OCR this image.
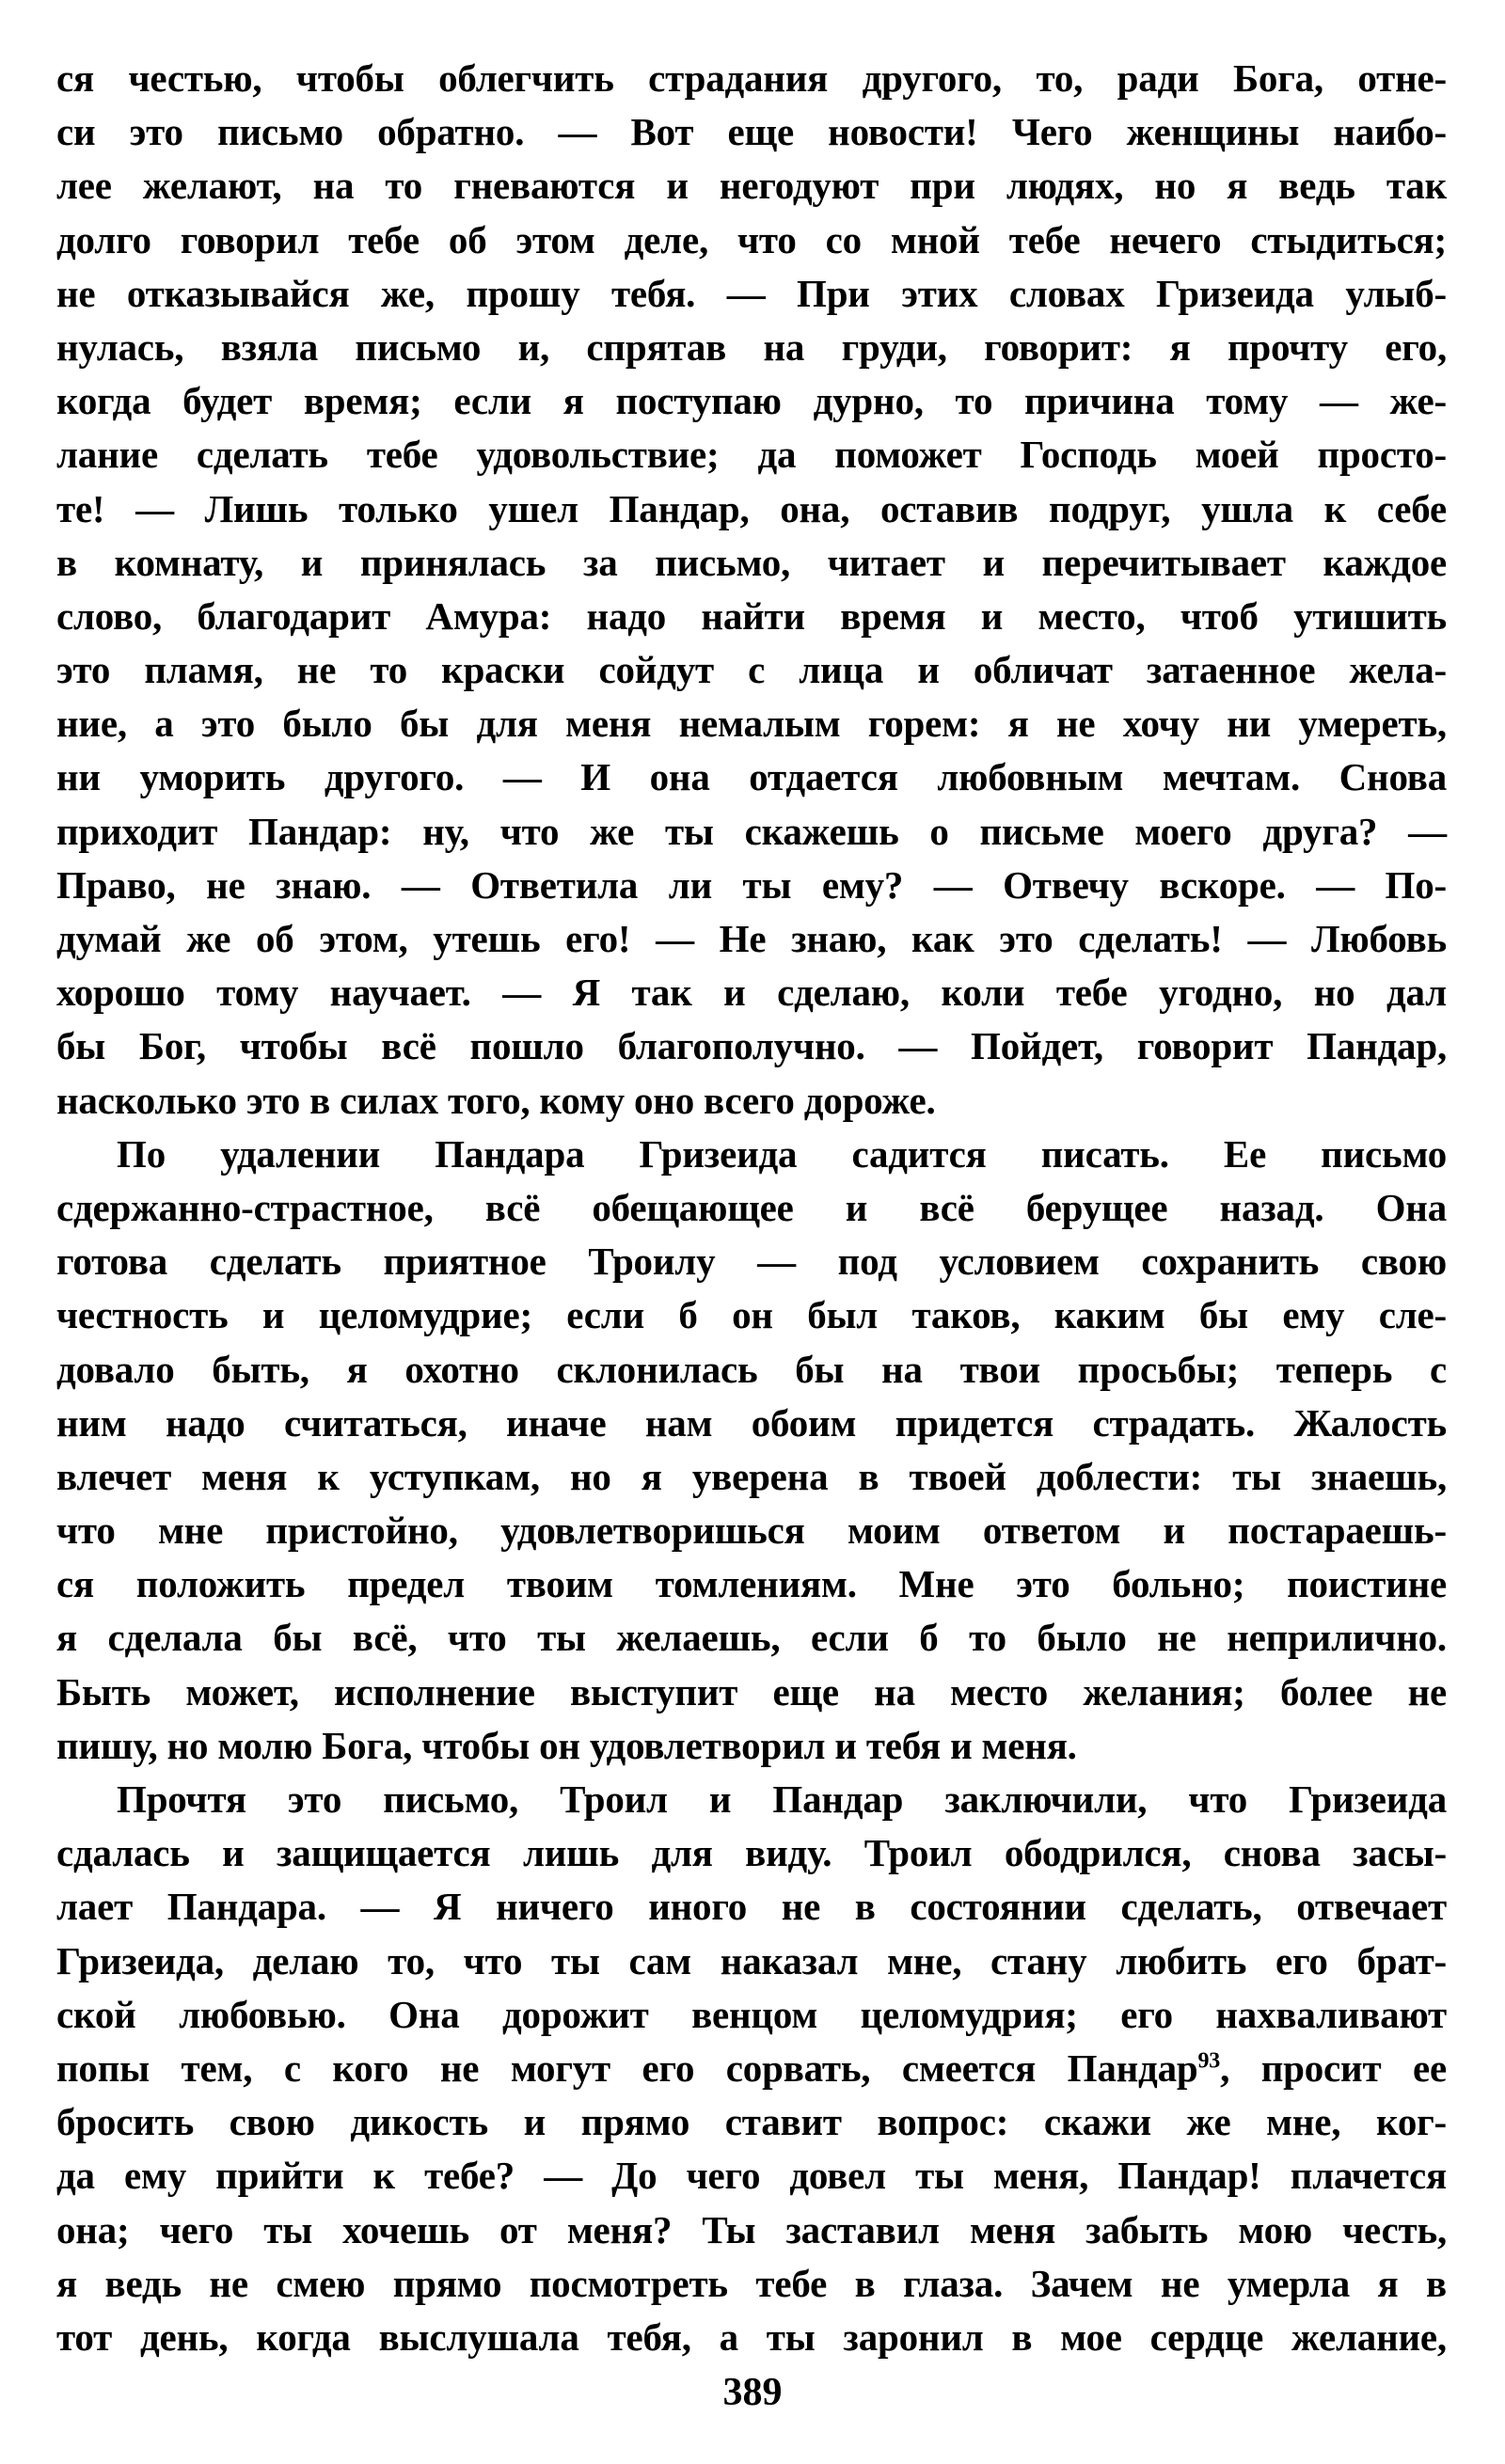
ся честью, чтобы облегчить страдания другого, то, ради Бога, отне-
си это письмо обратно. — Вот еще новости! Чего женщины наибо-
лее желают, на то гневаются и негодуют при людях, но я ведь так
долго говорил тебе об этом деле, что со мной тебе нечего стыдиться;
не отказывайся же, прошу тебя. — При этих словах Гризеида улыб-
нулась, взяла письмо и, спрятав на груди, говорит: я прочту его,
когда будет время; если я поступаю дурно, то причина тому — же-
лание сделать тебе удовольствие; да поможет Господь моей просто-
те! — Лишь только ушел Пандар, она, оставив подруг, ушла к себе
в комнату, и принялась за письмо, читает и перечитывает каждое
слово, благодарит Амура: надо найти время и место, чтоб утишить
это пламя, не то краски сойдут с лица и обличат затаенное жела-
ние, а это было бы для меня немалым горем: я не хочу ни умереть,
ни уморить другого. — И она отдается любовным мечтам. Снова
приходит Пандар: ну, что же ты скажешь о письме моего друга? —
Право, не знаю. — Ответила ли ты ему? — Отвечу вскоре. — По-
думай же об этом, утешь его! — Не знаю, как это сделать! — Любовь
хорошо тому научает. — Я так и сделаю, коли тебе угодно, но дал
бы Бог, чтобы всё пошло благополучно. — Пойдет, говорит Пандар,
насколько это в силах того, кому оно всего дороже.
По удалении Пандара Гризеида садится писать. Ее письмо
сдержанно-страстное, всё обещающее и всё берущее назад. Она
готова сделать приятное Троилу — под условием сохранить свою
честность и целомудрие; если б он был таков, каким бы ему сле-
довало быть, я охотно склонилась бы на твои просьбы; теперь с
ним надо считаться, иначе нам обоим придется страдать. Жалость
влечет меня к уступкам, но я уверена в твоей доблести: ты знаешь,
что мне пристойно, удовлетворишься моим ответом и постараешь-
ся положить предел твоим томлениям. Мне это больно; поистине
я сделала бы всё, что ты желаешь, если б то было не неприлично.
Быть может, исполнение выступит еще на место желания; более не
пишу, но молю Бога, чтобы он удовлетворил и тебя и меня.
Прочтя это письмо, Троил и Пандар заключили, что Гризеида
сдалась и защищается лишь для виду. Троил ободрился, снова засы-
лает Пандара. — Я ничего иного не в состоянии сделать, отвечает
Гризеида, делаю то, что ты сам наказал мне, стану любить его брат-
ской любовью. Она дорожит венцом целомудрия; его нахваливают
попы тем, с кого не могут его сорвать, смеется Пандар$^{93}$, просит ее
бросить свою дикость и прямо ставит вопрос: скажи же мне, ког-
да ему прийти к тебе? — До чего довел ты меня, Пандар! плачется
она; чего ты хочешь от меня? Ты заставил меня забыть мою честь,
я ведь не смею прямо посмотреть тебе в глаза. Зачем не умерла я в
тот день, когда выслушала тебя, а ты заронил в мое сердце желание,
389
